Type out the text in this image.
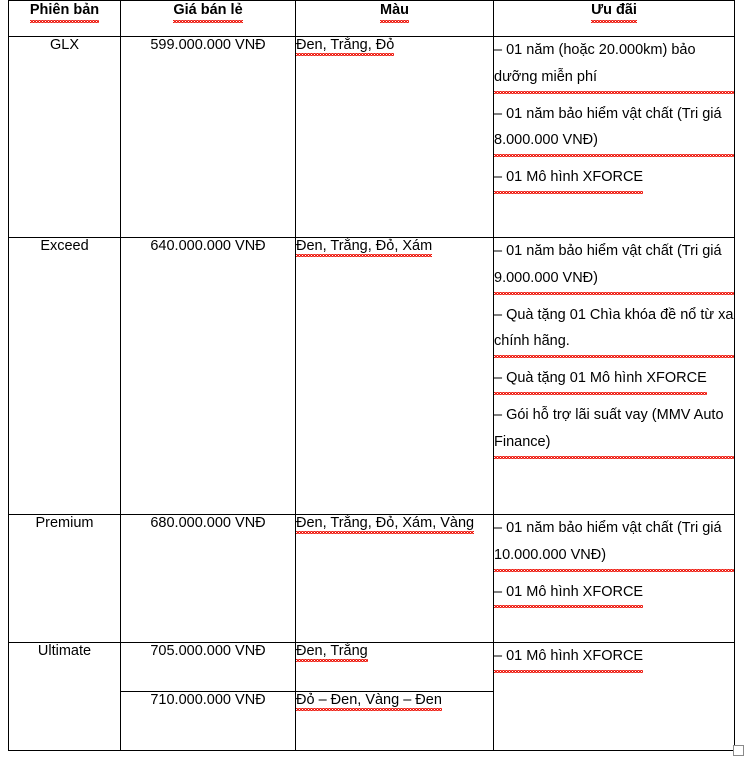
Phiên bản	Giá bán lẻ	Màu	Ưu đãi
GLX	599.000.000 VNĐ	Đen, Trắng, Đỏ	– 01 năm (hoặc 20.000km) bảo dưỡng miễn phí
– 01 năm bảo hiểm vật chất (Tri giá 8.000.000 VNĐ)
– 01 Mô hình XFORCE

Exceed	640.000.000 VNĐ	Đen, Trắng, Đỏ, Xám	– 01 năm bảo hiểm vật chất (Tri giá 9.000.000 VNĐ)
– Quà tặng 01 Chìa khóa đề nổ từ xa chính hãng.
– Quà tặng 01 Mô hình XFORCE
– Gói hỗ trợ lãi suất vay (MMV Auto Finance)

Premium	680.000.000 VNĐ	Đen, Trắng, Đỏ, Xám, Vàng	– 01 năm bảo hiểm vật chất (Tri giá 10.000.000 VNĐ)
– 01 Mô hình XFORCE

Ultimate	705.000.000 VNĐ	Đen, Trắng	– 01 Mô hình XFORCE

	710.000.000 VNĐ	Đỏ – Đen, Vàng – Đen	
